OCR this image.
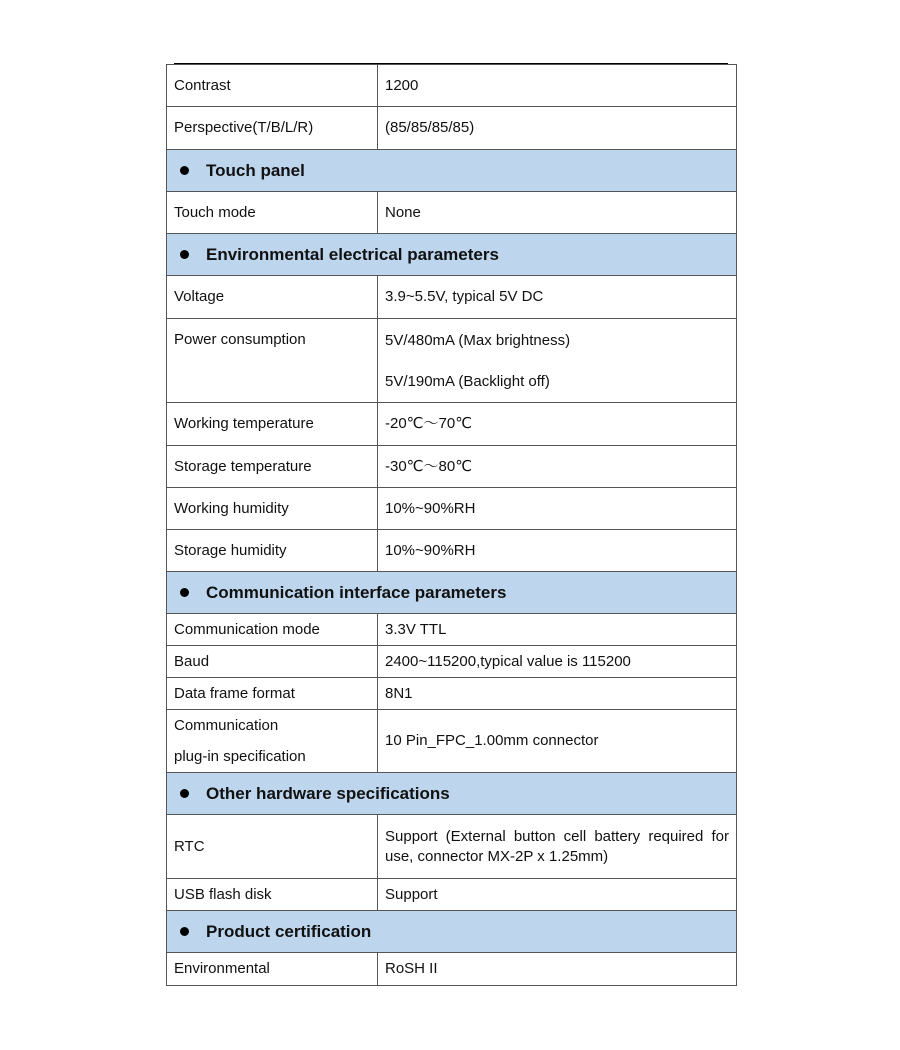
Contrast	1200
Perspective(T/B/L/R)	(85/85/85/85)
Touch panel	
Touch mode	None
Environmental electrical parameters	
Voltage	3.9~5.5V, typical 5V DC
Power consumption	5V/480mA (Max brightness)
5V/190mA (Backlight off)

Working temperature	-20℃～70℃
Storage temperature	-30℃～80℃
Working humidity	10%~90%RH
Storage humidity	10%~90%RH
Communication interface parameters	
Communication mode	3.3V TTL
Baud	2400~115200,typical value is 115200
Data frame format	8N1

Communication
plug-in specification	10 Pin_FPC_1.00mm connector
Other hardware specifications	
RTC	Support (External button cell battery required for use, connector MX-2P x 1.25mm)
USB flash disk	Support
Product certification	
Environmental	RoSH II
